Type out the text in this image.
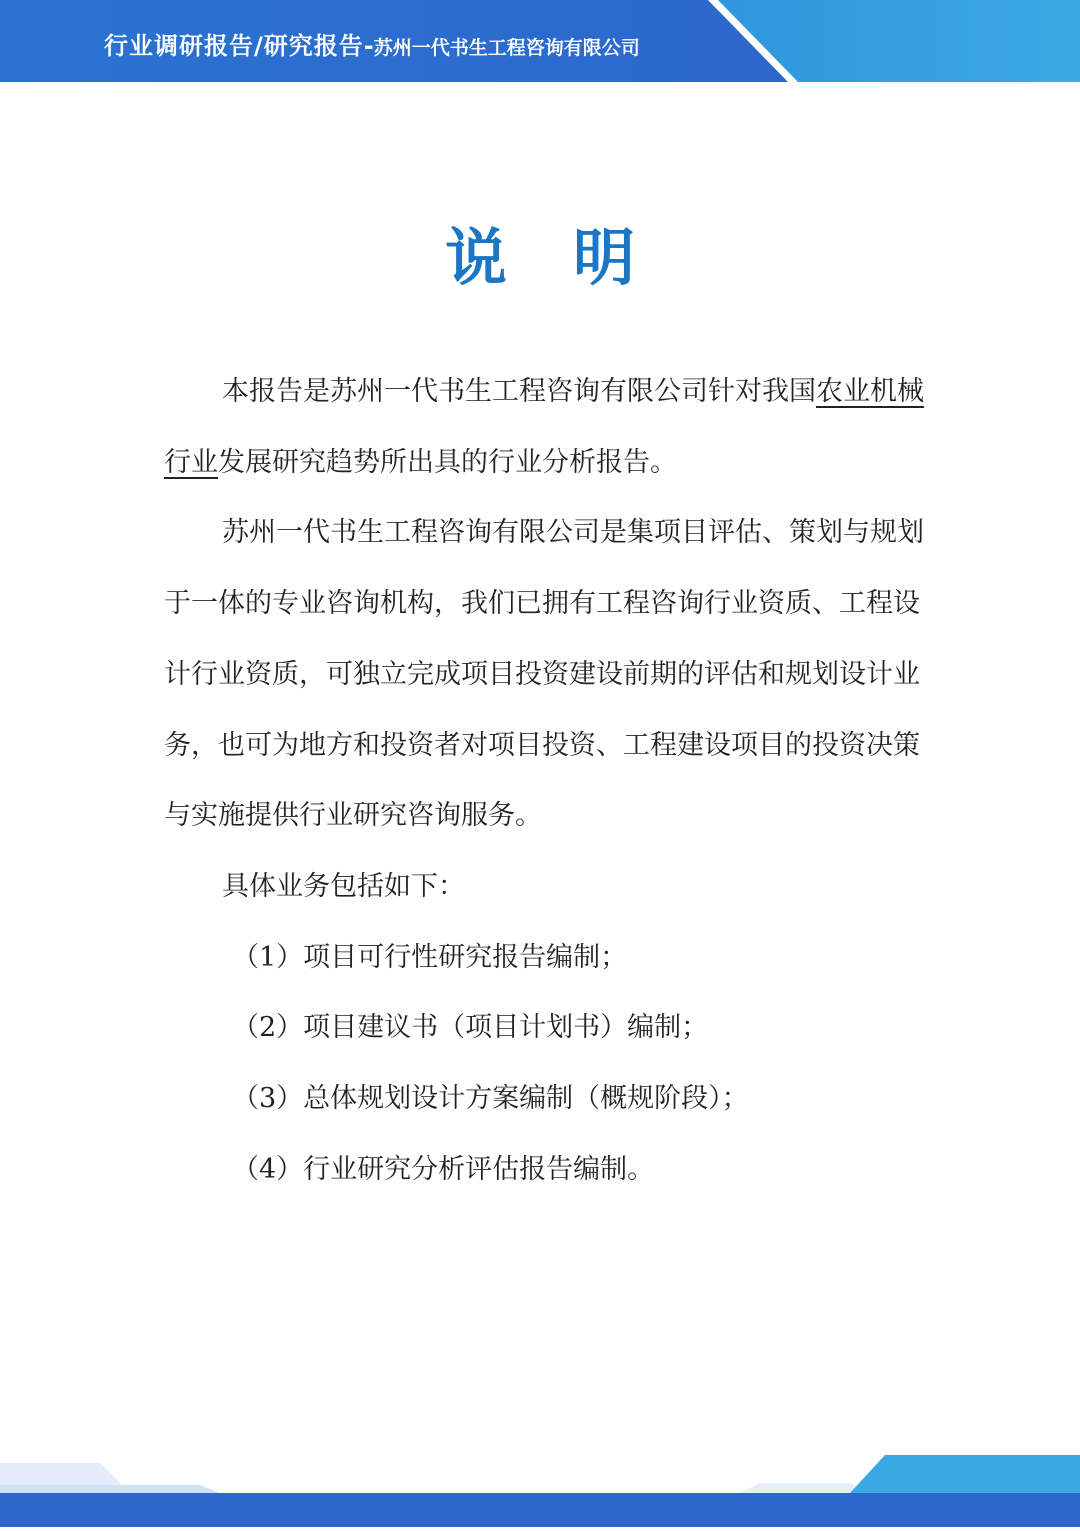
行业调研报告/研究报告-苏州一代书生工程咨询有限公司
说 明

本报告是苏州一代书生工程咨询有限公司针对我国农业机械行业发展研究趋势所出具的行业分析报告。

苏州一代书生工程咨询有限公司是集项目评估、策划与规划于一体的专业咨询机构，我们已拥有工程咨询行业资质、工程设计行业资质，可独立完成项目投资建设前期的评估和规划设计业务，也可为地方和投资者对项目投资、工程建设项目的投资决策与实施提供行业研究咨询服务。

具体业务包括如下：

（1）项目可行性研究报告编制；

（2）项目建议书（项目计划书）编制；

（3）总体规划设计方案编制（概规阶段）；

（4）行业研究分析评估报告编制。
